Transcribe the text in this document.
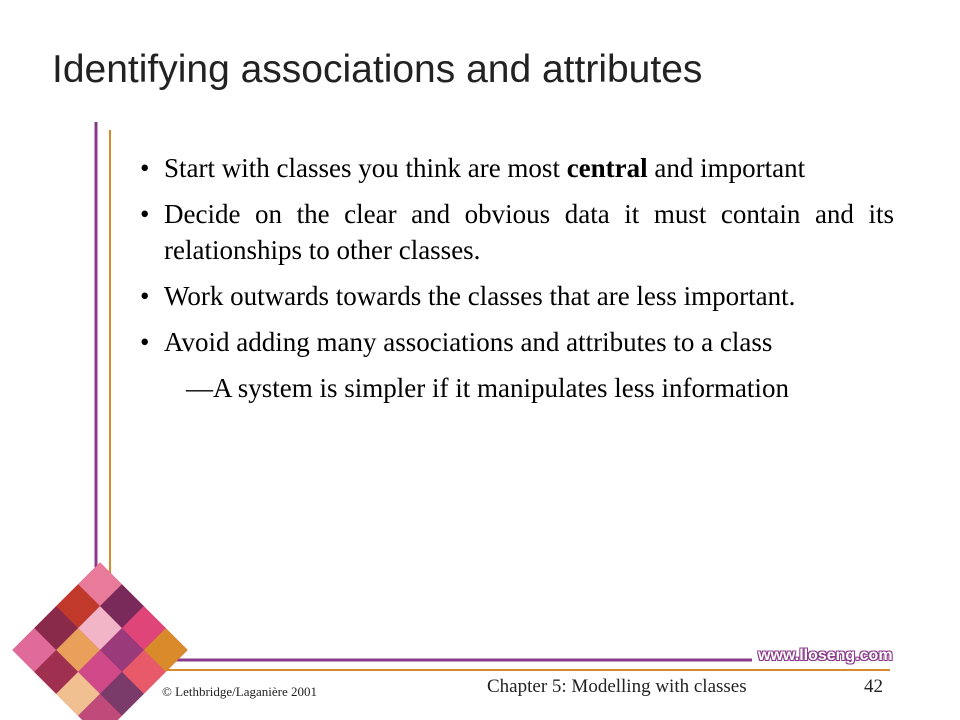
Identifying associations and attributes
• Start with classes you think are most central and important
• Decide on the clear and obvious data it must contain and its relationships to other classes.
• Work outwards towards the classes that are less important.
• Avoid adding many associations and attributes to a class
—A system is simpler if it manipulates less information
www.lloseng.com
© Lethbridge/Laganière 2001	Chapter 5: Modelling with classes	42
